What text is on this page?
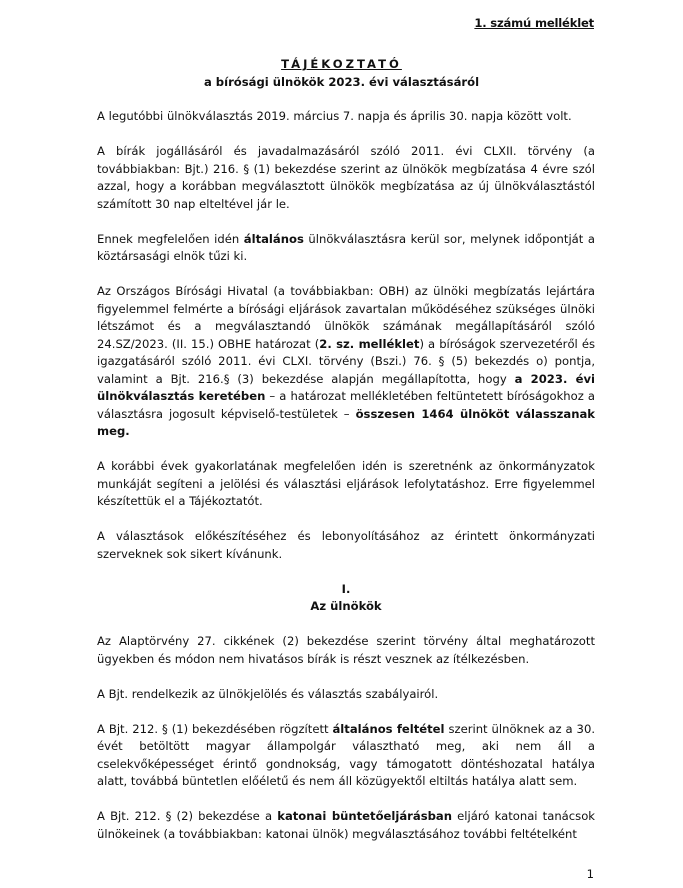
1. számú melléklet
TÁJÉKOZTATÓ
a bírósági ülnökök 2023. évi választásáról

A legutóbbi ülnökválasztás 2019. március 7. napja és április 30. napja között volt.

A bírák jogállásáról és javadalmazásáról szóló 2011. évi CLXII. törvény (a továbbiakban: Bjt.) 216. § (1) bekezdése szerint az ülnökök megbízatása 4 évre szól azzal, hogy a korábban megválasztott ülnökök megbízatása az új ülnökválasztástól számított 30 nap elteltével jár le.

Ennek megfelelően idén általános ülnökválasztásra kerül sor, melynek időpontját a köztársasági elnök tűzi ki.

Az Országos Bírósági Hivatal (a továbbiakban: OBH) az ülnöki megbízatás lejártára figyelemmel felmérte a bírósági eljárások zavartalan működéséhez szükséges ülnöki létszámot és a megválasztandó ülnökök számának megállapításáról szóló 24.SZ/2023. (II. 15.) OBHE határozat (2. sz. melléklet) a bíróságok szervezetéről és igazgatásáról szóló 2011. évi CLXI. törvény (Bszi.) 76. § (5) bekezdés o) pontja, valamint a Bjt. 216.§ (3) bekezdése alapján megállapította, hogy a 2023. évi ülnökválasztás keretében – a határozat mellékletében feltüntetett bíróságokhoz a választásra jogosult képviselő-testületek – összesen 1464 ülnököt válasszanak meg.

A korábbi évek gyakorlatának megfelelően idén is szeretnénk az önkormányzatok munkáját segíteni a jelölési és választási eljárások lefolytatáshoz. Erre figyelemmel készítettük el a Tájékoztatót.

A választások előkészítéséhez és lebonyolításához az érintett önkormányzati szerveknek sok sikert kívánunk.

I.
Az ülnökök

Az Alaptörvény 27. cikkének (2) bekezdése szerint törvény által meghatározott ügyekben és módon nem hivatásos bírák is részt vesznek az ítélkezésben.

A Bjt. rendelkezik az ülnökjelölés és választás szabályairól.

A Bjt. 212. § (1) bekezdésében rögzített általános feltétel szerint ülnöknek az a 30. évét betöltött magyar állampolgár választható meg, aki nem áll a cselekvőképességet érintő gondnokság, vagy támogatott döntéshozatal hatálya alatt, továbbá büntetlen előéletű és nem áll közügyektől eltiltás hatálya alatt sem.

A Bjt. 212. § (2) bekezdése a katonai büntetőeljárásban eljáró katonai tanácsok ülnökeinek (a továbbiakban: katonai ülnök) megválasztásához további feltételként

1
